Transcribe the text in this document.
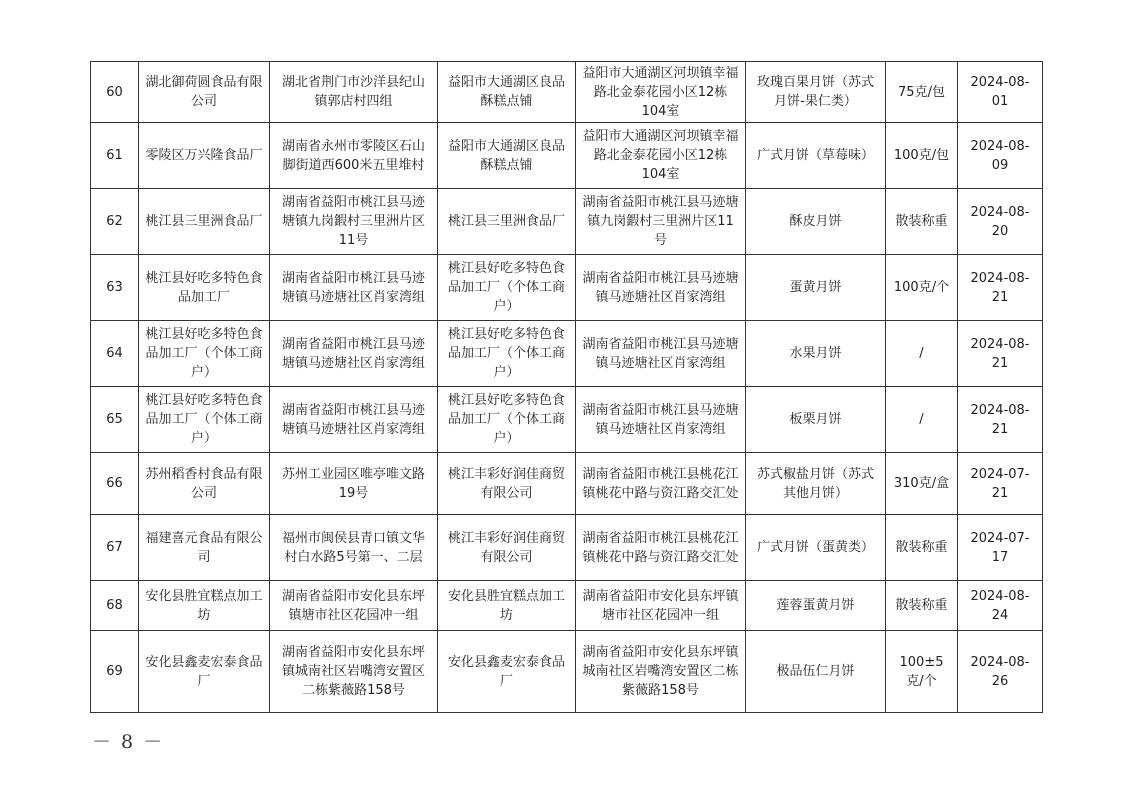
60	湖北御荷圆食品有限公司	湖北省荆门市沙洋县纪山镇郭店村四组	益阳市大通湖区良品酥糕点铺	益阳市大通湖区河坝镇幸福路北金泰花园小区12栋104室	玫瑰百果月饼（苏式月饼-果仁类）	75克/包	2024-08-01
61	零陵区万兴隆食品厂	湖南省永州市零陵区石山脚街道西600米五里堆村	益阳市大通湖区良品酥糕点铺	益阳市大通湖区河坝镇幸福路北金泰花园小区12栋104室	广式月饼（草莓味）	100克/包	2024-08-09
62	桃江县三里洲食品厂	湖南省益阳市桃江县马迹塘镇九岗鍜村三里洲片区11号	桃江县三里洲食品厂	湖南省益阳市桃江县马迹塘镇九岗鍜村三里洲片区11号	酥皮月饼	散装称重	2024-08-20
63	桃江县好吃多特色食品加工厂	湖南省益阳市桃江县马迹塘镇马迹塘社区肖家湾组	桃江县好吃多特色食品加工厂（个体工商户）	湖南省益阳市桃江县马迹塘镇马迹塘社区肖家湾组	蛋黄月饼	100克/个	2024-08-21
64	桃江县好吃多特色食品加工厂（个体工商户）	湖南省益阳市桃江县马迹塘镇马迹塘社区肖家湾组	桃江县好吃多特色食品加工厂（个体工商户）	湖南省益阳市桃江县马迹塘镇马迹塘社区肖家湾组	水果月饼	/	2024-08-21
65	桃江县好吃多特色食品加工厂（个体工商户）	湖南省益阳市桃江县马迹塘镇马迹塘社区肖家湾组	桃江县好吃多特色食品加工厂（个体工商户）	湖南省益阳市桃江县马迹塘镇马迹塘社区肖家湾组	板栗月饼	/	2024-08-21
66	苏州稻香村食品有限公司	苏州工业园区唯亭唯文路19号	桃江丰彩好润佳商贸有限公司	湖南省益阳市桃江县桃花江镇桃花中路与资江路交汇处	苏式椒盐月饼（苏式其他月饼）	310克/盒	2024-07-21
67	福建喜元食品有限公司	福州市闽侯县青口镇文华村白水路5号第一、二层	桃江丰彩好润佳商贸有限公司	湖南省益阳市桃江县桃花江镇桃花中路与资江路交汇处	广式月饼（蛋黄类）	散装称重	2024-07-17
68	安化县胜宜糕点加工坊	湖南省益阳市安化县东坪镇塘市社区花园冲一组	安化县胜宜糕点加工坊	湖南省益阳市安化县东坪镇塘市社区花园冲一组	莲蓉蛋黄月饼	散装称重	2024-08-24
69	安化县鑫麦宏泰食品厂	湖南省益阳市安化县东坪镇城南社区岩嘴湾安置区二栋紫薇路158号	安化县鑫麦宏泰食品厂	湖南省益阳市安化县东坪镇城南社区岩嘴湾安置区二栋紫薇路158号	极品伍仁月饼	100±5克/个	2024-08-26
－ 8 －
